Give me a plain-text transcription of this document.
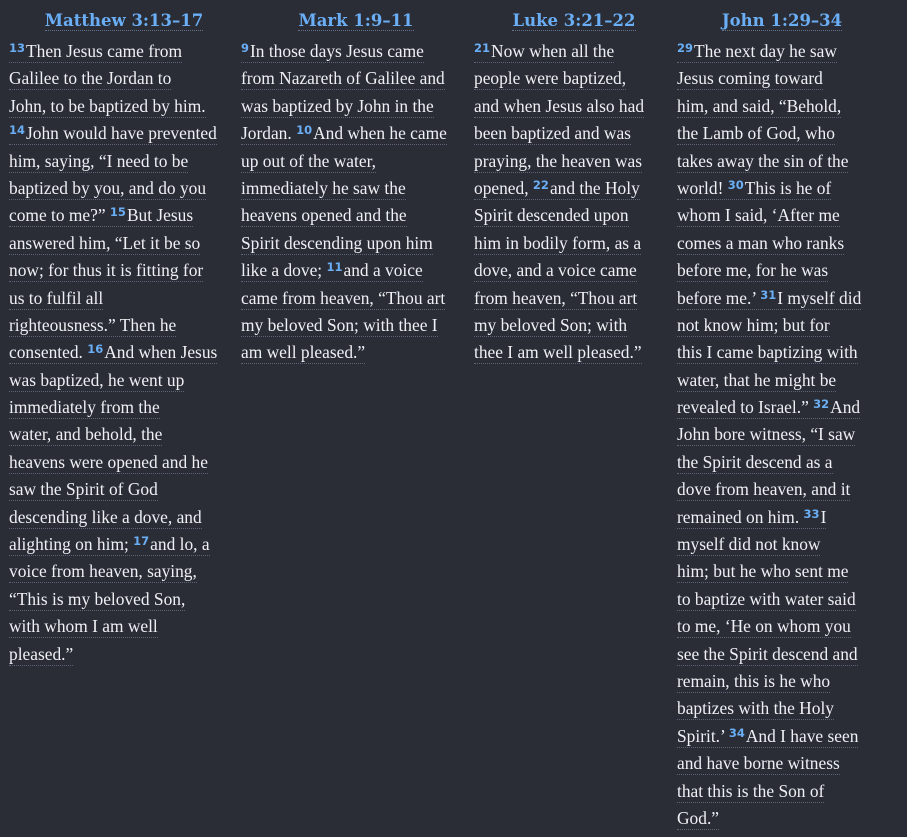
Matthew 3:13–17
$^{13}$Then Jesus came from
Galilee to the Jordan to
John, to be baptized by him.
$^{14}$John would have prevented
him, saying, “I need to be
baptized by you, and do you
come to me?” $^{15}$But Jesus
answered him, “Let it be so
now; for thus it is fitting for
us to fulfil all
righteousness.” Then he
consented. $^{16}$And when Jesus
was baptized, he went up
immediately from the
water, and behold, the
heavens were opened and he
saw the Spirit of God
descending like a dove, and
alighting on him; $^{17}$and lo, a
voice from heaven, saying,
“This is my beloved Son,
with whom I am well
pleased.”
Mark 1:9–11
$^9$In those days Jesus came
from Nazareth of Galilee and
was baptized by John in the
Jordan. $^{10}$And when he came
up out of the water,
immediately he saw the
heavens opened and the
Spirit descending upon him
like a dove; $^{11}$and a voice
came from heaven, “Thou art
my beloved Son; with thee I
am well pleased.”
Luke 3:21–22
$^{21}$Now when all the
people were baptized,
and when Jesus also had
been baptized and was
praying, the heaven was
opened, $^{22}$and the Holy
Spirit descended upon
him in bodily form, as a
dove, and a voice came
from heaven, “Thou art
my beloved Son; with
thee I am well pleased.”
John 1:29–34
$^{29}$The next day he saw
Jesus coming toward
him, and said, “Behold,
the Lamb of God, who
takes away the sin of the
world! $^{30}$This is he of
whom I said, ‘After me
comes a man who ranks
before me, for he was
before me.’ $^{31}$I myself did
not know him; but for
this I came baptizing with
water, that he might be
revealed to Israel.” $^{32}$And
John bore witness, “I saw
the Spirit descend as a
dove from heaven, and it
remained on him. $^{33}$I
myself did not know
him; but he who sent me
to baptize with water said
to me, ‘He on whom you
see the Spirit descend and
remain, this is he who
baptizes with the Holy
Spirit.’ $^{34}$And I have seen
and have borne witness
that this is the Son of
God.”
